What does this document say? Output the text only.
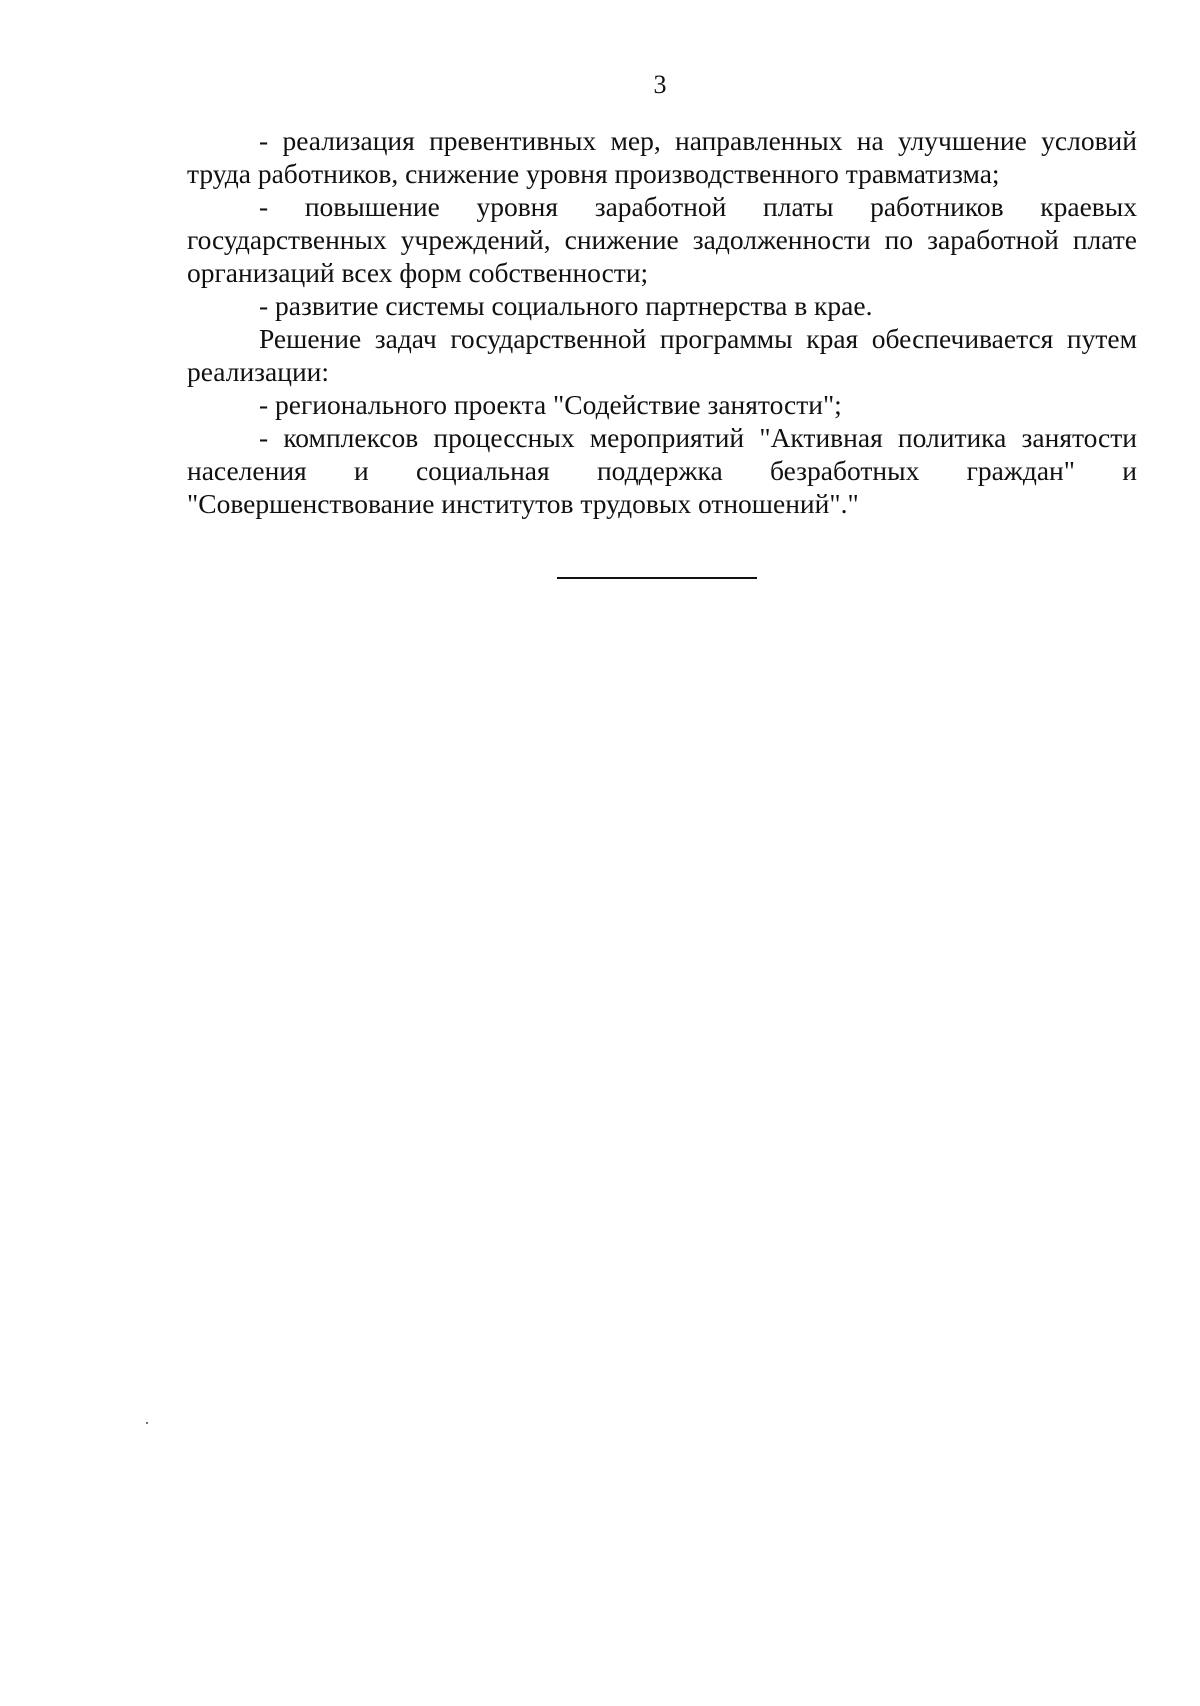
3

- реализация превентивных мер, направленных на улучшение условий труда работников, снижение уровня производственного травматизма;

- повышение уровня заработной платы работников краевых государственных учреждений, снижение задолженности по заработной плате организаций всех форм собственности;

- развитие системы социального партнерства в крае.

Решение задач государственной программы края обеспечивается путем реализации:

- регионального проекта "Содействие занятости";

- комплексов процессных мероприятий "Активная политика занятости населения и социальная поддержка безработных граждан" и "Совершенствование институтов трудовых отношений"."
